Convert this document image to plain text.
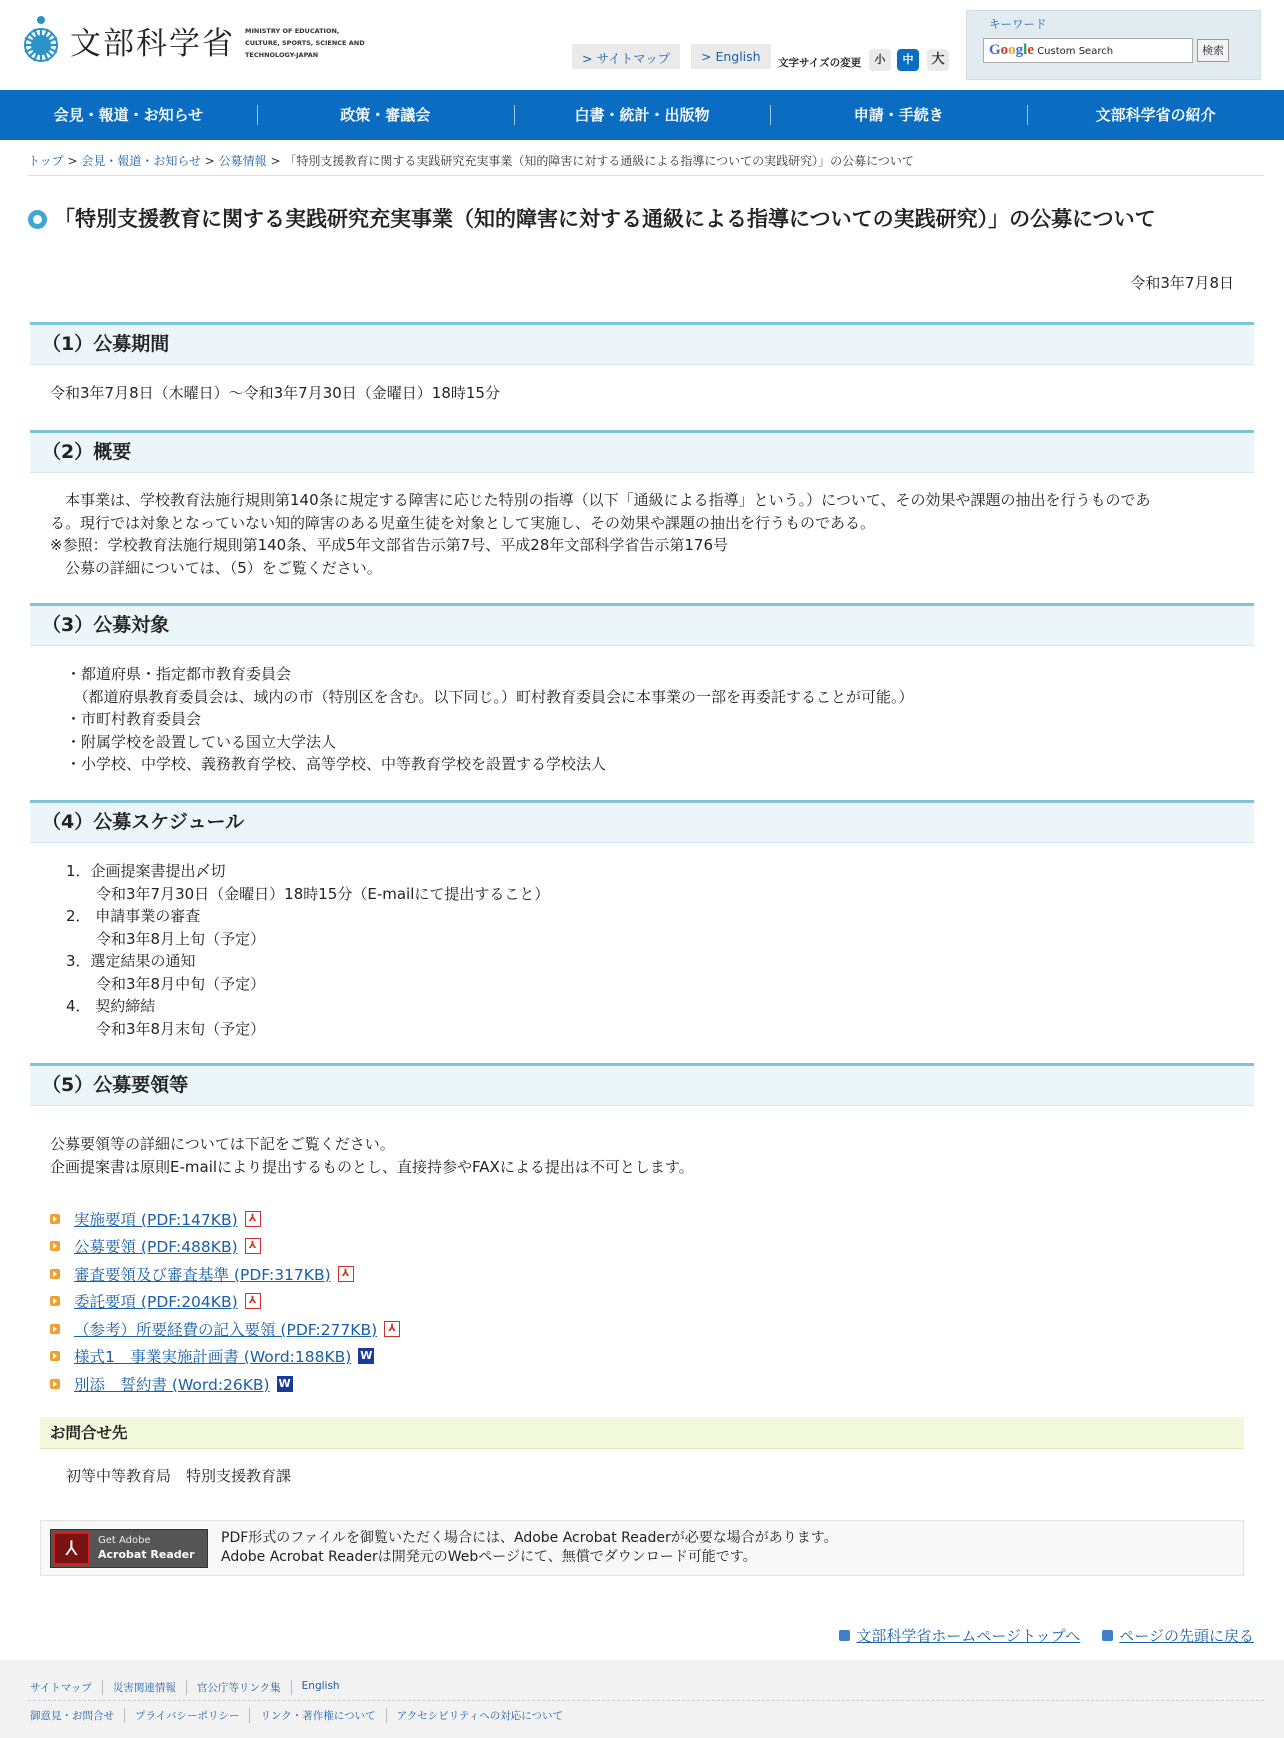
文部科学省 MINISTRY OF EDUCATION, CULTURE, SPORTS, SCIENCE AND TECHNOLOGY-JAPAN	> サイトマップ	> English	文字サイズの変更	小	中	大
キーワード
Google Custom Search	検索
会見・報道・お知らせ	政策・審議会	白書・統計・出版物	申請・手続き	文部科学省の紹介
トップ > 会見・報道・お知らせ > 公募情報 > 「特別支援教育に関する実践研究充実事業（知的障害に対する通級による指導についての実践研究）」の公募について
「特別支援教育に関する実践研究充実事業（知的障害に対する通級による指導についての実践研究）」の公募について
令和3年7月8日
（1）公募期間
令和3年7月8日（木曜日）～令和3年7月30日（金曜日）18時15分
（2）概要
　本事業は、学校教育法施行規則第140条に規定する障害に応じた特別の指導（以下「通級による指導」という。）について、その効果や課題の抽出を行うものであ
る。現行では対象となっていない知的障害のある児童生徒を対象として実施し、その効果や課題の抽出を行うものである。
※参照：学校教育法施行規則第140条、平成5年文部省告示第7号、平成28年文部科学省告示第176号
　公募の詳細については、（5）をご覧ください。
（3）公募対象
・都道府県・指定都市教育委員会
　（都道府県教育委員会は、域内の市（特別区を含む。以下同じ。）町村教育委員会に本事業の一部を再委託することが可能。）
・市町村教育委員会
・附属学校を設置している国立大学法人
・小学校、中学校、義務教育学校、高等学校、中等教育学校を設置する学校法人
（4）公募スケジュール
1．企画提案書提出〆切
　　令和3年7月30日（金曜日）18時15分（E-mailにて提出すること）
2． 申請事業の審査
　　令和3年8月上旬（予定）
3．選定結果の通知
　　令和3年8月中旬（予定）
4． 契約締結
　　令和3年8月末旬（予定）
（5）公募要領等
公募要領等の詳細については下記をご覧ください。
企画提案書は原則E-mailにより提出するものとし、直接持参やFAXによる提出は不可とします。
実施要項 (PDF:147KB)	⅄
公募要領 (PDF:488KB)	⅄
審査要領及び審査基準 (PDF:317KB)	⅄
委託要項 (PDF:204KB)	⅄
（参考）所要経費の記入要領 (PDF:277KB)	⅄
様式1　事業実施計画書 (Word:188KB) W
別添　誓約書 (Word:26KB) W
お問合せ先
初等中等教育局　特別支援教育課
⅄	Get Adobe
Acrobat Reader
PDF形式のファイルを御覧いただく場合には、Adobe Acrobat Readerが必要な場合があります。
Adobe Acrobat Readerは開発元のWebページにて、無償でダウンロード可能です。
文部科学省ホームページトップへ	ページの先頭に戻る
サイトマップ	災害関連情報	官公庁等リンク集	English
御意見・お問合せ	プライバシーポリシー	リンク・著作権について	アクセシビリティへの対応について
